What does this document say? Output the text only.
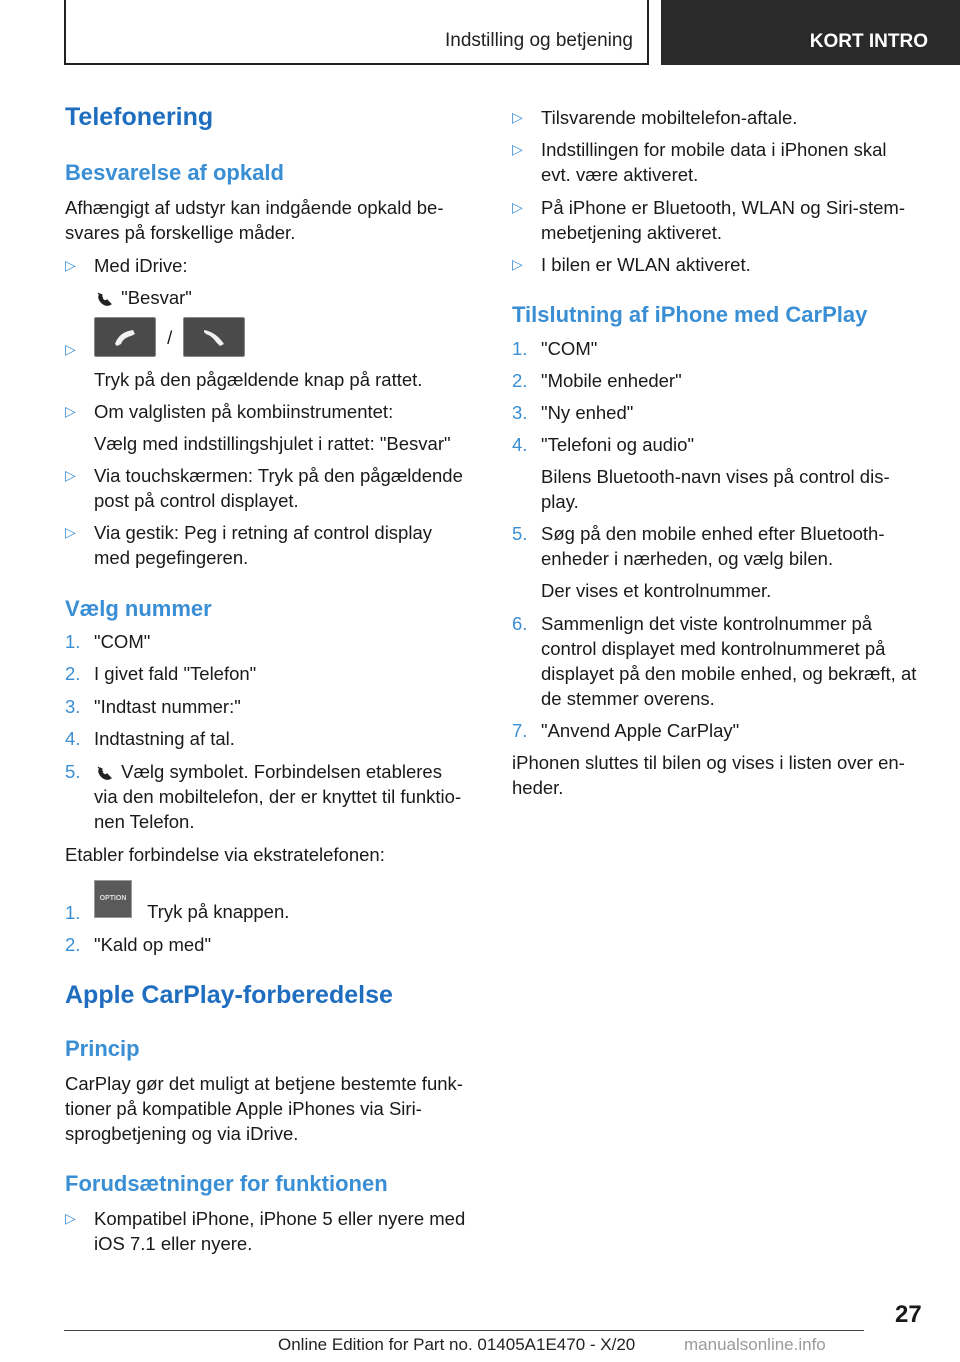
Indstilling og betjening	KORT INTRO
Telefonering
Besvarelse af opkald
Afhængigt af udstyr kan indgående opkald be-
svares på forskellige måder.
▷ Med iDrive:
"Besvar"
▷
/
Tryk på den pågældende knap på rattet.
▷ Om valglisten på kombiinstrumentet:
Vælg med indstillingshjulet i rattet: "Besvar"
▷ Via touchskærmen: Tryk på den pågældende
post på control displayet.
▷ Via gestik: Peg i retning af control display
med pegefingeren.
Vælg nummer
1. "COM"
2. I givet fald "Telefon"
3. "Indtast nummer:"
4. Indtastning af tal.
5.	Vælg symbolet. Forbindelsen etableres
via den mobiltelefon, der er knyttet til funktio-
nen Telefon.
Etabler forbindelse via ekstratelefonen:
1.
OPTION Tryk på knappen.
2. "Kald op med"
Apple CarPlay-forberedelse
Princip
CarPlay gør det muligt at betjene bestemte funk-
tioner på kompatible Apple iPhones via Siri-
sprogbetjening og via iDrive.
Forudsætninger for funktionen
▷ Kompatibel iPhone, iPhone 5 eller nyere med
iOS 7.1 eller nyere.
▷ Tilsvarende mobiltelefon-aftale.
▷ Indstillingen for mobile data i iPhonen skal
evt. være aktiveret.
▷ På iPhone er Bluetooth, WLAN og Siri-stem-
mebetjening aktiveret.
▷ I bilen er WLAN aktiveret.
Tilslutning af iPhone med CarPlay
1. "COM"
2. "Mobile enheder"
3. "Ny enhed"
4. "Telefoni og audio"
Bilens Bluetooth-navn vises på control dis-
play.
5. Søg på den mobile enhed efter Bluetooth-
enheder i nærheden, og vælg bilen.
Der vises et kontrolnummer.
6. Sammenlign det viste kontrolnummer på
control displayet med kontrolnummeret på
displayet på den mobile enhed, og bekræft, at
de stemmer overens.
7. "Anvend Apple CarPlay"
iPhonen sluttes til bilen og vises i listen over en-
heder.
27
Online Edition for Part no. 01405A1E470 - X/20	manualsonline.info
